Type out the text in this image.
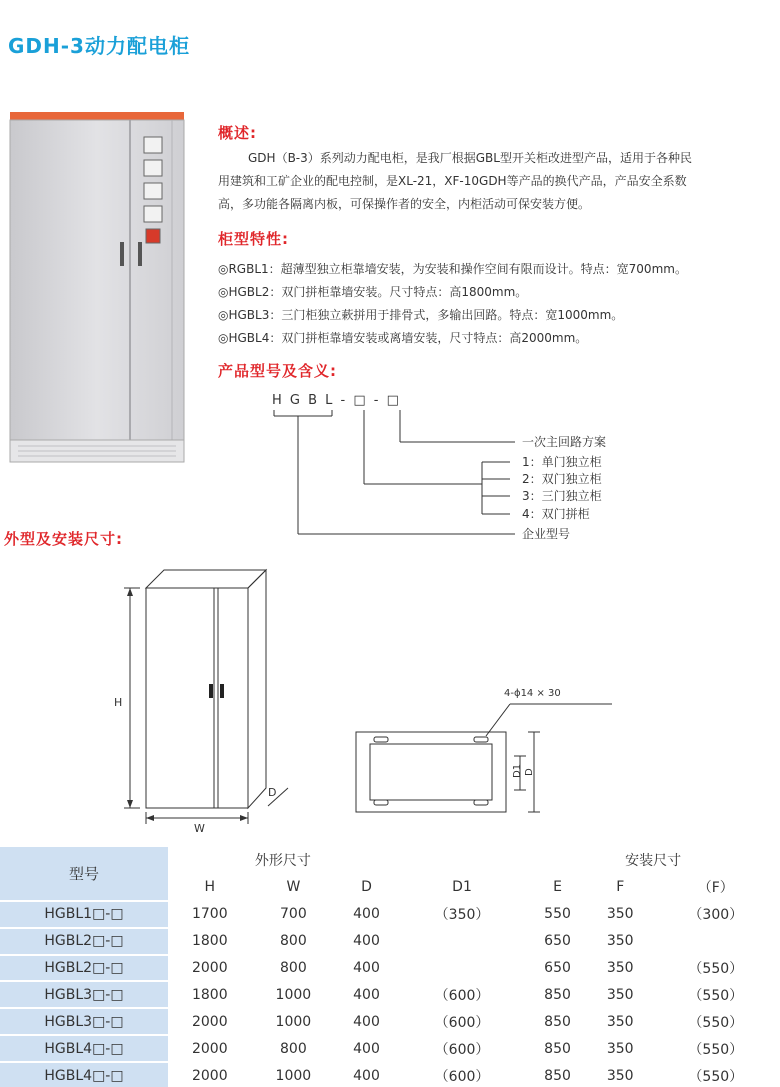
GDH-3动力配电柜
概述:

GDH（B-3）系列动力配电柜，是我厂根据GBL型开关柜改进型产品，适用于各种民

用建筑和工矿企业的配电控制，是XL-21，XF-10GDH等产品的换代产品，产品安全系数

高，多功能各隔离内板，可保操作者的安全，内柜活动可保安装方便。

柜型特性:
◎RGBL1：超薄型独立柜靠墙安装，为安装和操作空间有限而设计。特点：宽700mm。
◎HGBL2：双门拼柜靠墙安装。尺寸特点：高1800mm。
◎HGBL3：三门柜独立蔌拼用于排骨式，多输出回路。特点：宽1000mm。
◎HGBL4：双门拼柜靠墙安装或离墙安装，尺寸特点：高2000mm。
产品型号及含义:
H G B L - □ - □
一次主回路方案
1：单门独立柜
2：双门独立柜
3：三门独立柜
4：双门拼柜
企业型号
外型及安装尺寸:
H
W
D
4-ϕ14 × 30
D1 D
型号	外形尺寸				安装尺寸		
	H	W	D	D1	E	F	（F）
HGBL1□-□	1700	700	400	（350）	550	350	（300）
HGBL2□-□	1800	800	400		650	350	
HGBL2□-□	2000	800	400		650	350	（550）
HGBL3□-□	1800	1000	400	（600）	850	350	（550）
HGBL3□-□	2000	1000	400	（600）	850	350	（550）
HGBL4□-□	2000	800	400	（600）	850	350	（550）
HGBL4□-□	2000	1000	400	（600）	850	350	（550）
